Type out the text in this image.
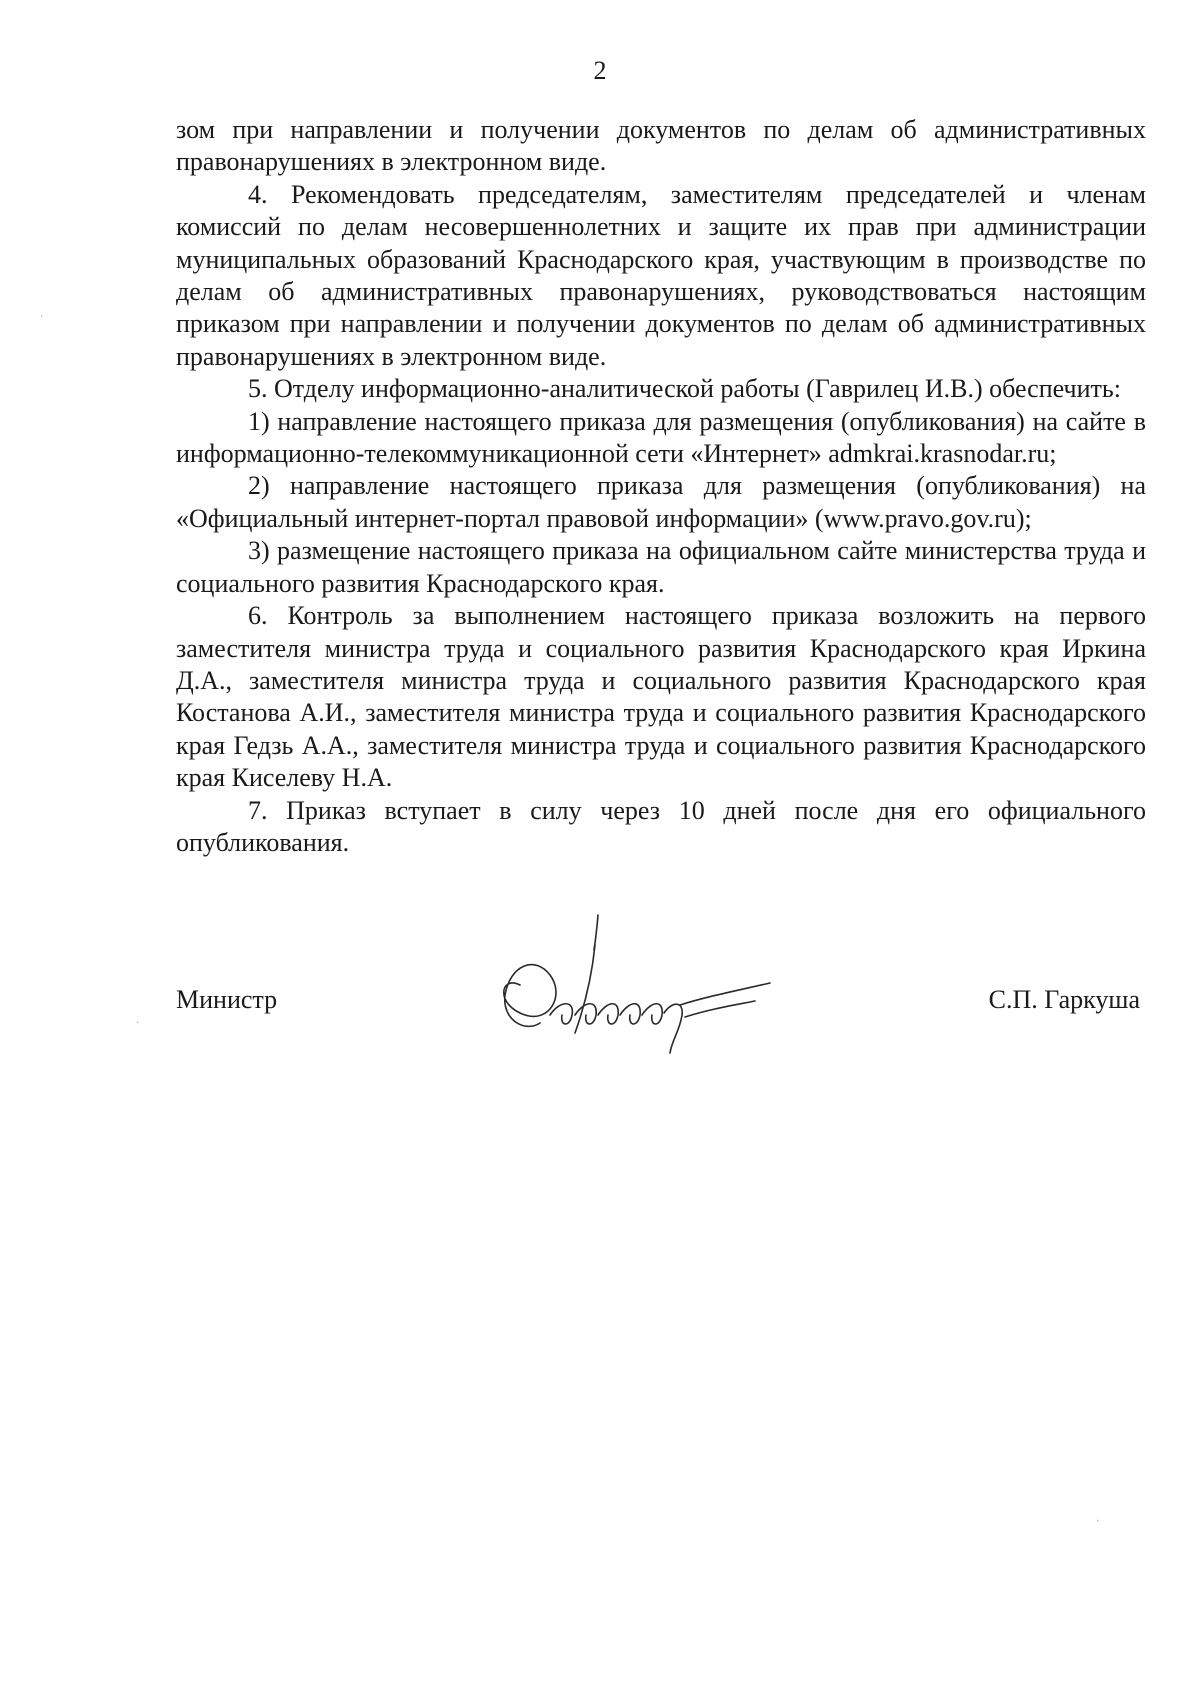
2

зом при направлении и получении документов по делам об административных правонарушениях в электронном виде.

4. Рекомендовать председателям, заместителям председателей и членам комиссий по делам несовершеннолетних и защите их прав при администрации муниципальных образований Краснодарского края, участвующим в производстве по делам об административных правонарушениях, руководствоваться настоящим приказом при направлении и получении документов по делам об административных правонарушениях в электронном виде.

5. Отделу информационно-аналитической работы (Гаврилец И.В.) обеспечить:

1) направление настоящего приказа для размещения (опубликования) на сайте в информационно-телекоммуникационной сети «Интернет» admkrai.krasnodar.ru;

2) направление настоящего приказа для размещения (опубликования) на «Официальный интернет-портал правовой информации» (www.pravo.gov.ru);

3) размещение настоящего приказа на официальном сайте министерства труда и социального развития Краснодарского края.

6. Контроль за выполнением настоящего приказа возложить на первого заместителя министра труда и социального развития Краснодарского края Иркина Д.А., заместителя министра труда и социального развития Краснодарского края Костанова А.И., заместителя министра труда и социального развития Краснодарского края Гедзь А.А., заместителя министра труда и социального развития Краснодарского края Киселеву Н.А.

7. Приказ вступает в силу через 10 дней после дня его официального опубликования.

Министр	С.П. Гаркуша
·
·
·
